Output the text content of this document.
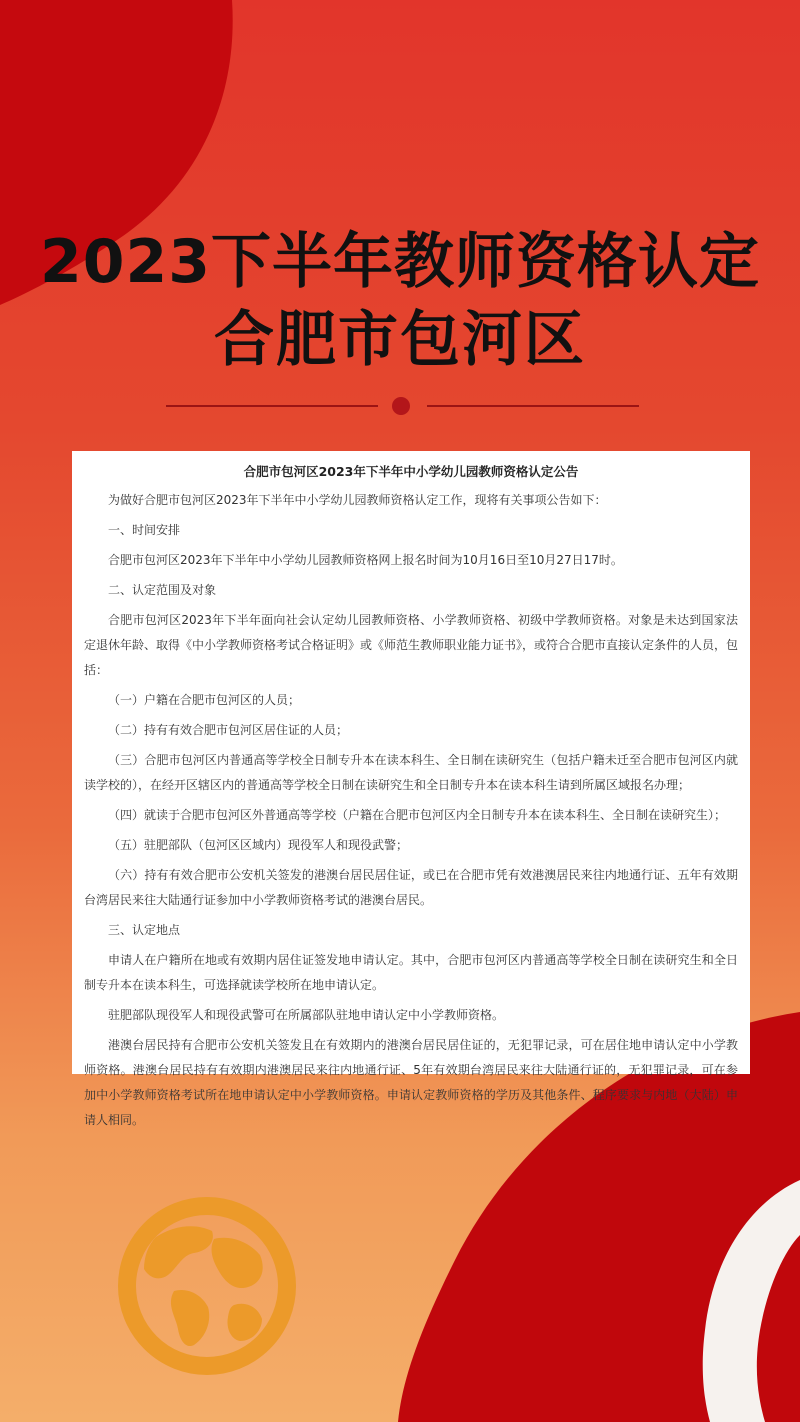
2023下半年教师资格认定
合肥市包河区
合肥市包河区2023年下半年中小学幼儿园教师资格认定公告

为做好合肥市包河区2023年下半年中小学幼儿园教师资格认定工作，现将有关事项公告如下：

一、时间安排

合肥市包河区2023年下半年中小学幼儿园教师资格网上报名时间为10月16日至10月27日17时。

二、认定范围及对象

合肥市包河区2023年下半年面向社会认定幼儿园教师资格、小学教师资格、初级中学教师资格。对象是未达到国家法定退休年龄、取得《中小学教师资格考试合格证明》或《师范生教师职业能力证书》，或符合合肥市直接认定条件的人员，包括：

（一）户籍在合肥市包河区的人员；

（二）持有有效合肥市包河区居住证的人员；

（三）合肥市包河区内普通高等学校全日制专升本在读本科生、全日制在读研究生（包括户籍未迁至合肥市包河区内就读学校的），在经开区辖区内的普通高等学校全日制在读研究生和全日制专升本在读本科生请到所属区域报名办理；

（四）就读于合肥市包河区外普通高等学校（户籍在合肥市包河区内全日制专升本在读本科生、全日制在读研究生）；

（五）驻肥部队（包河区区域内）现役军人和现役武警；

（六）持有有效合肥市公安机关签发的港澳台居民居住证，或已在合肥市凭有效港澳居民来往内地通行证、五年有效期台湾居民来往大陆通行证参加中小学教师资格考试的港澳台居民。

三、认定地点

申请人在户籍所在地或有效期内居住证签发地申请认定。其中，合肥市包河区内普通高等学校全日制在读研究生和全日制专升本在读本科生，可选择就读学校所在地申请认定。

驻肥部队现役军人和现役武警可在所属部队驻地申请认定中小学教师资格。

港澳台居民持有合肥市公安机关签发且在有效期内的港澳台居民居住证的，无犯罪记录，可在居住地申请认定中小学教师资格。港澳台居民持有有效期内港澳居民来往内地通行证、5年有效期台湾居民来往大陆通行证的，无犯罪记录，可在参加中小学教师资格考试所在地申请认定中小学教师资格。申请认定教师资格的学历及其他条件、程序要求与内地（大陆）申请人相同。
